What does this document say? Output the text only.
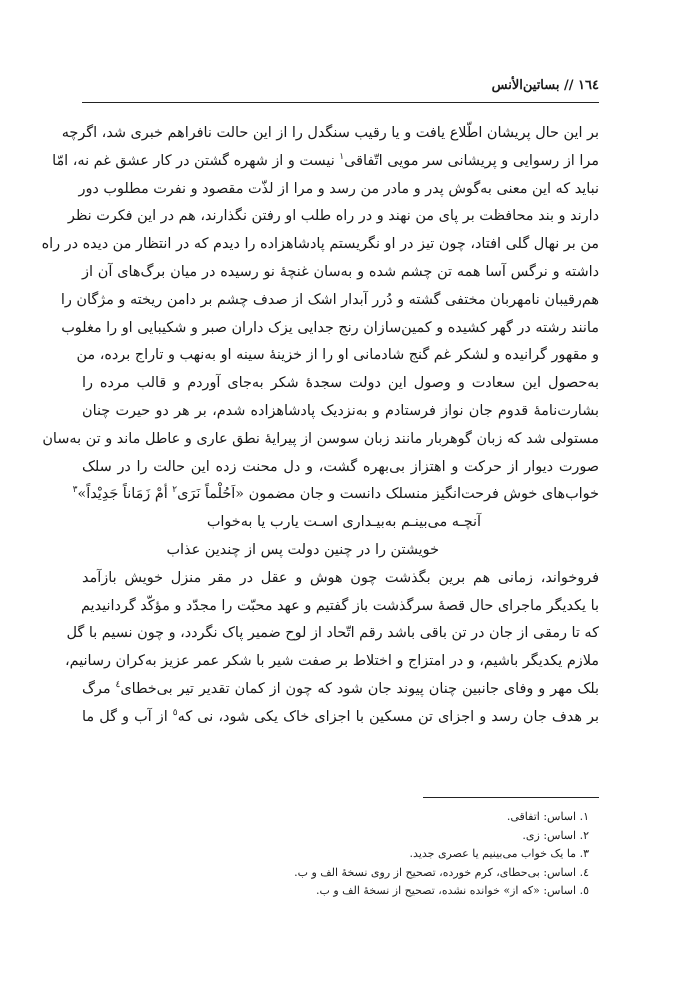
١٦٤ // بساتین‌الأنس
بر این حال پریشان اطّلاع یافت و یا رقیب سنگدل را از این حالت نافراهم خبری شد، اگرچه
مرا از رسوایی و پریشانی سر مویی اتّفاقی$^١$ نیست و از شهره گشتن در کار عشق غم نه، امّا
نباید که این معنی به‌گوش پدر و مادر من رسد و مرا از لذّت مقصود و نفرت مطلوب دور
دارند و بند محافظت بر پای من نهند و در راه طلب او رفتن نگذارند، هم در این فکرت نظر
من بر نهال گلی افتاد، چون تیز در او نگریستم پادشاهزاده را دیدم که در انتظار من دیده در راه
داشته و نرگس آسا همه تن چشم شده و به‌سان غنچهٔ نو رسیده در میان برگ‌های آن از
هم‌رقیبان نامهربان مختفی گشته و دُرر آبدار اشک از صدف چشم بر دامن ریخته و مژگان را
مانند رشته در گهر کشیده و کمین‌سازان رنج جدایی یزک داران صبر و شکیبایی او را مغلوب
و مقهور گرانیده و لشکر غم گنج شادمانی او را از خزینهٔ سینه او به‌نهب و تاراج برده، من
به‌حصول این سعادت و وصول این دولت سجدهٔ شکر به‌جای آوردم و قالب مرده را
بشارت‌نامهٔ قدوم جان نواز فرستادم و به‌نزدیک پادشاهزاده شدم، بر هر دو حیرت چنان
مستولی شد که زبان گوهربار مانند زبان سوسن از پیرایهٔ نطق عاری و عاطل ماند و تن به‌سان
صورت دیوار از حرکت و اهتزاز بی‌بهره گشت، و دل محنت زده این حالت را در سلک
خواب‌های خوش فرحت‌انگیز منسلک دانست و جان مضمون «اَحُلْماً نَرَی$^٢$ أمْ زَمَاناً جَدِيْداً»$^٣$
آنچـه می‌بینـم به‌بیـداری اسـت یارب یا به‌خواب
خویشتن را در چنین دولت پس از چندین عذاب
فروخواند، زمانی هم برین بگذشت چون هوش و عقل در مقر منزل خویش بازآمد
با یکدیگر ماجرای حال قصهٔ سرگذشت باز گفتیم و عهد محبّت را مجدّد و مؤکّد گردانیدیم
که تا رمقی از جان در تن باقی باشد رقم اتّحاد از لوح ضمیر پاک نگردد، و چون نسیم با گل
ملازم یکدیگر باشیم، و در امتزاج و اختلاط بر صفت شیر با شکر عمر عزیز به‌کران رسانیم،
بلک مهر و وفای جانبین چنان پیوند جان شود که چون از کمان تقدیر تیر بی‌خطای$^٤$ مرگ
بر هدف جان رسد و اجزای تن مسکین با اجزای خاک یکی شود، نی که$^٥$ از آب و گل ما
١. اساس: اتفاقی.
٢. اساس: زی.
٣. ما یک خواب می‌بینیم یا عصری جدید.
٤. اساس: بی‌حطای، کرم خورده، تصحیح از روی نسخهٔ الف و ب.
٥. اساس: «که از» خوانده نشده، تصحیح از نسخهٔ الف و ب.
